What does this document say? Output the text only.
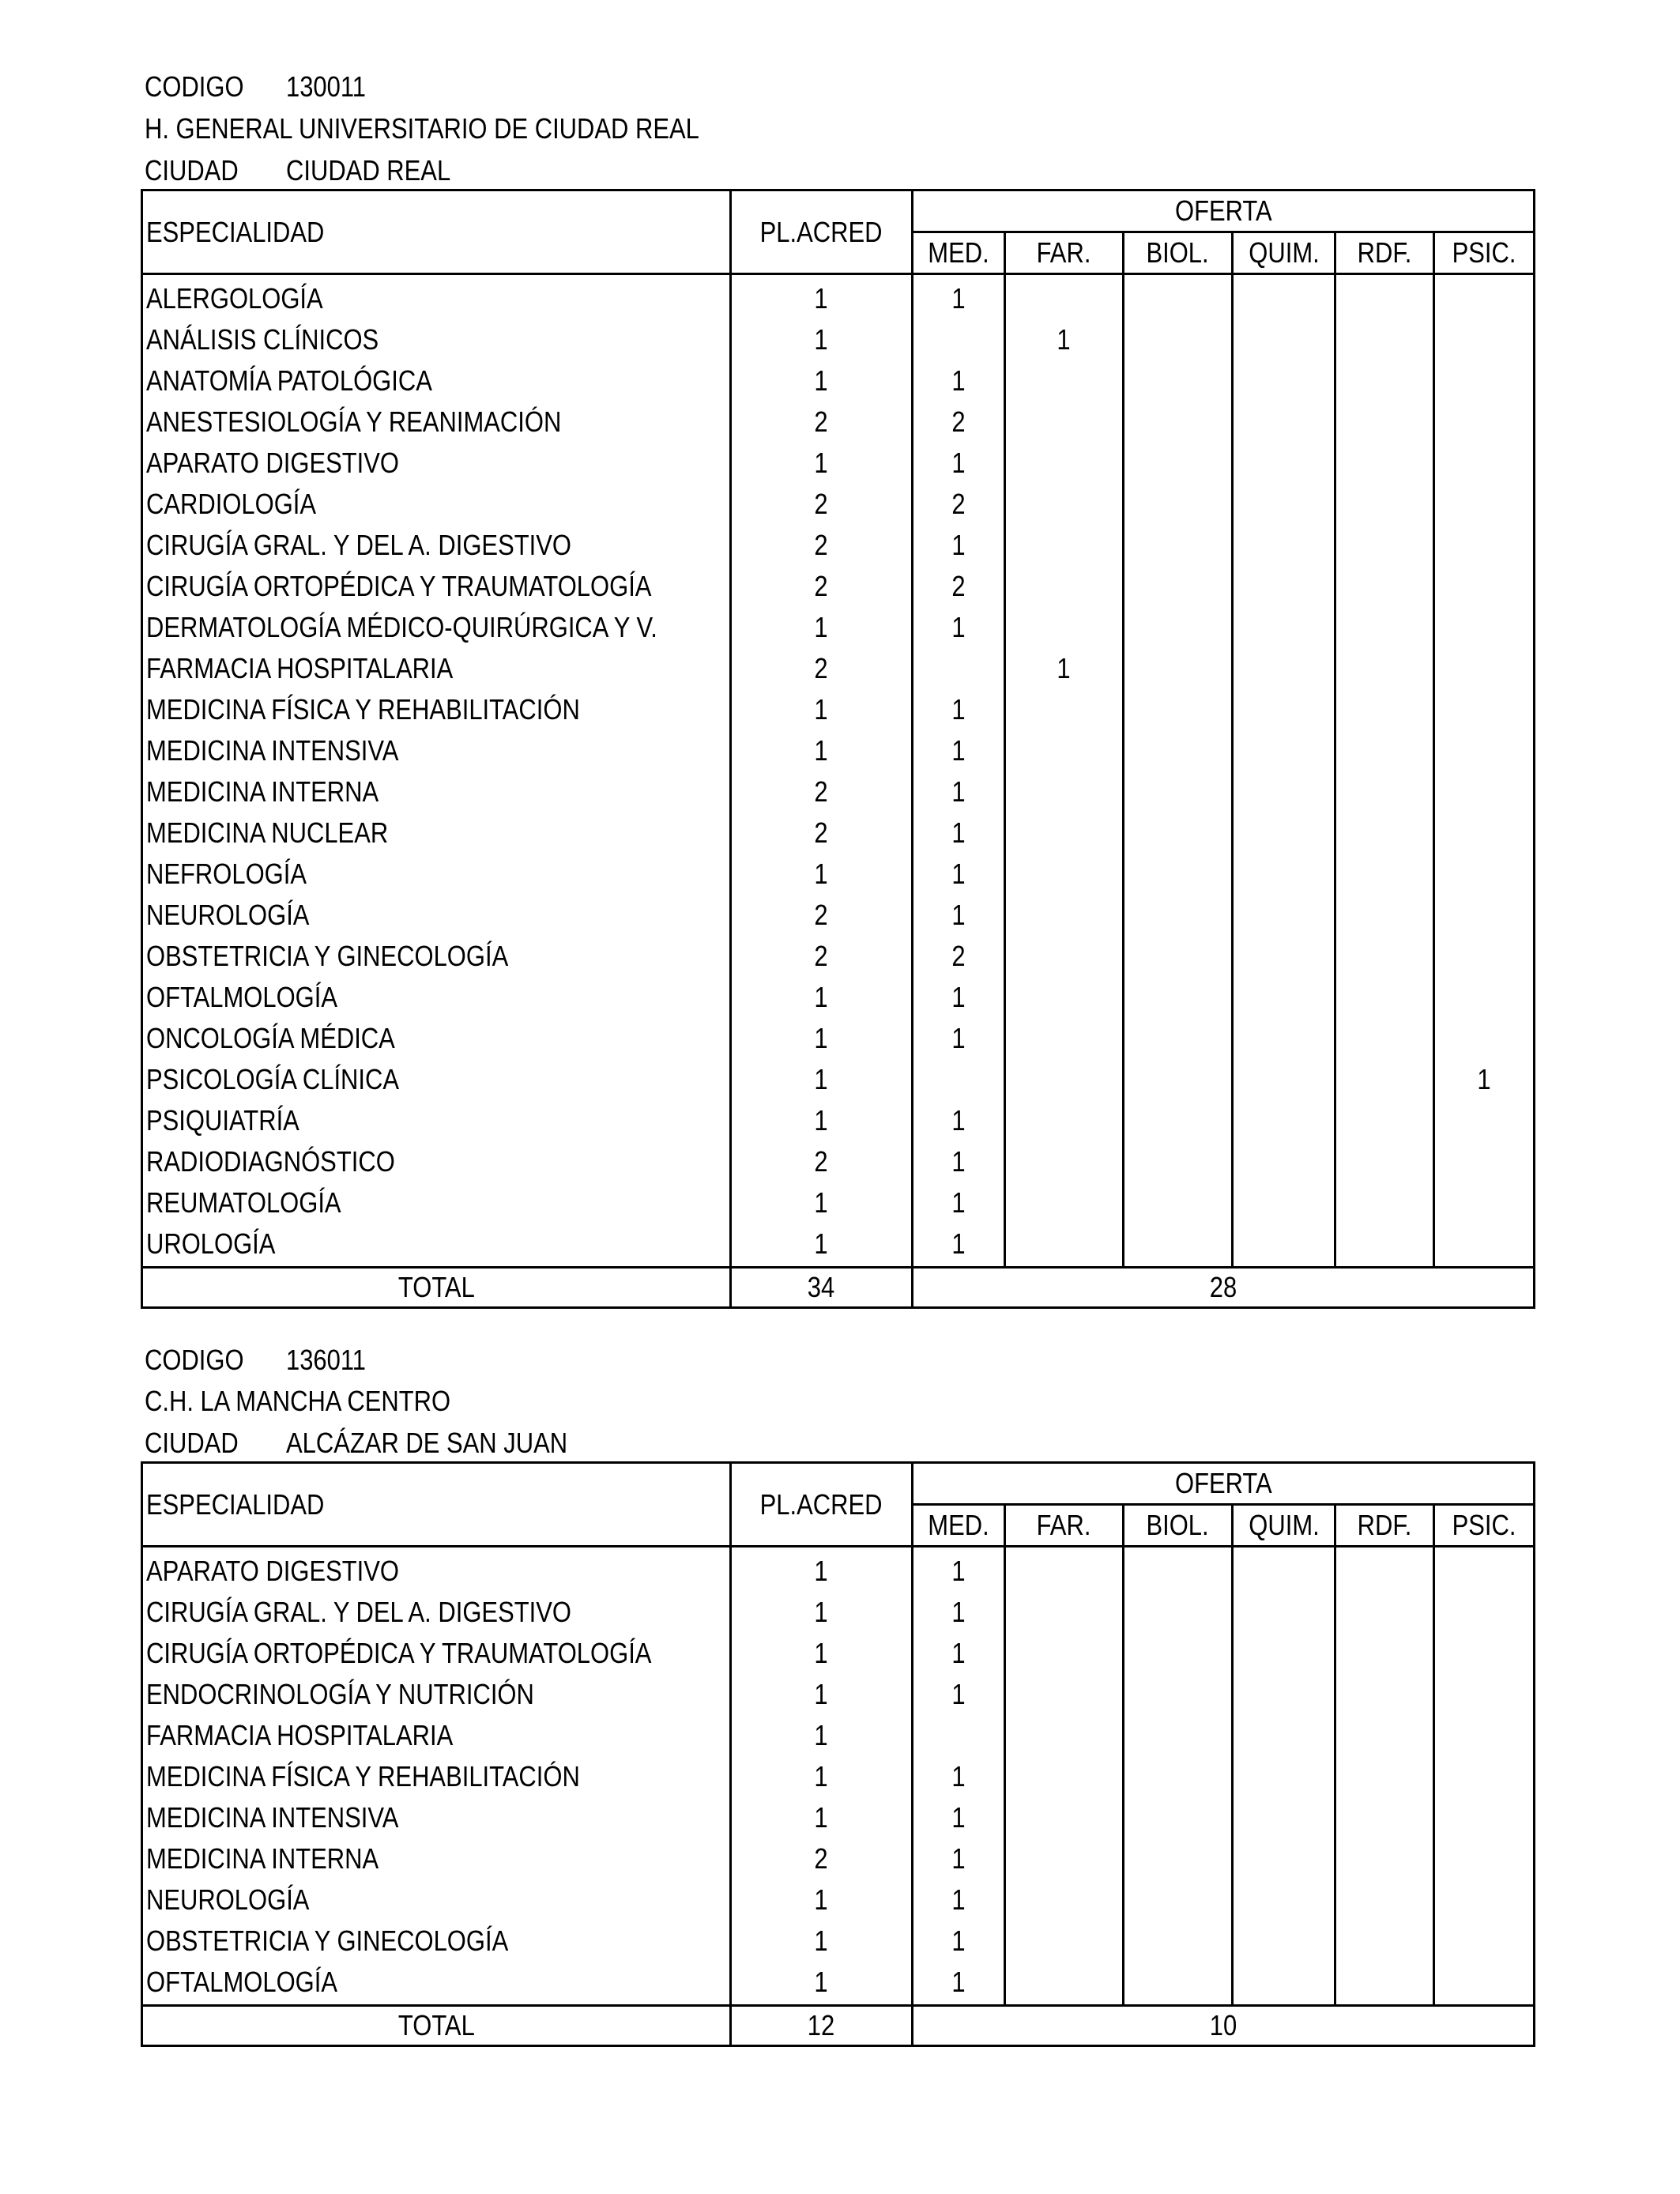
CODIGO 130011
H. GENERAL UNIVERSITARIO DE CIUDAD REAL
CIUDAD CIUDAD REAL
ESPECIALIDAD	PL.ACRED	OFERTA					
		MED.	FAR.	BIOL.	QUIM.	RDF.	PSIC.
ALERGOLOGÍA	1	1					
ANÁLISIS CLÍNICOS	1		1				
ANATOMÍA PATOLÓGICA	1	1					
ANESTESIOLOGÍA Y REANIMACIÓN	2	2					
APARATO DIGESTIVO	1	1					
CARDIOLOGÍA	2	2					
CIRUGÍA GRAL. Y DEL A. DIGESTIVO	2	1					
CIRUGÍA ORTOPÉDICA Y TRAUMATOLOGÍA	2	2					
DERMATOLOGÍA MÉDICO-QUIRÚRGICA Y V.	1	1					
FARMACIA HOSPITALARIA	2		1				
MEDICINA FÍSICA Y REHABILITACIÓN	1	1					
MEDICINA INTENSIVA	1	1					
MEDICINA INTERNA	2	1					
MEDICINA NUCLEAR	2	1					
NEFROLOGÍA	1	1					
NEUROLOGÍA	2	1					
OBSTETRICIA Y GINECOLOGÍA	2	2					
OFTALMOLOGÍA	1	1					
ONCOLOGÍA MÉDICA	1	1					
PSICOLOGÍA CLÍNICA	1						1
PSIQUIATRÍA	1	1					
RADIODIAGNÓSTICO	2	1					
REUMATOLOGÍA	1	1					
UROLOGÍA	1	1					
TOTAL	34	28					
CODIGO 136011
C.H. LA MANCHA CENTRO
CIUDAD ALCÁZAR DE SAN JUAN
ESPECIALIDAD	PL.ACRED	OFERTA					
		MED.	FAR.	BIOL.	QUIM.	RDF.	PSIC.
APARATO DIGESTIVO	1	1					
CIRUGÍA GRAL. Y DEL A. DIGESTIVO	1	1					
CIRUGÍA ORTOPÉDICA Y TRAUMATOLOGÍA	1	1					
ENDOCRINOLOGÍA Y NUTRICIÓN	1	1					
FARMACIA HOSPITALARIA	1						
MEDICINA FÍSICA Y REHABILITACIÓN	1	1					
MEDICINA INTENSIVA	1	1					
MEDICINA INTERNA	2	1					
NEUROLOGÍA	1	1					
OBSTETRICIA Y GINECOLOGÍA	1	1					
OFTALMOLOGÍA	1	1					
TOTAL	12	10					
